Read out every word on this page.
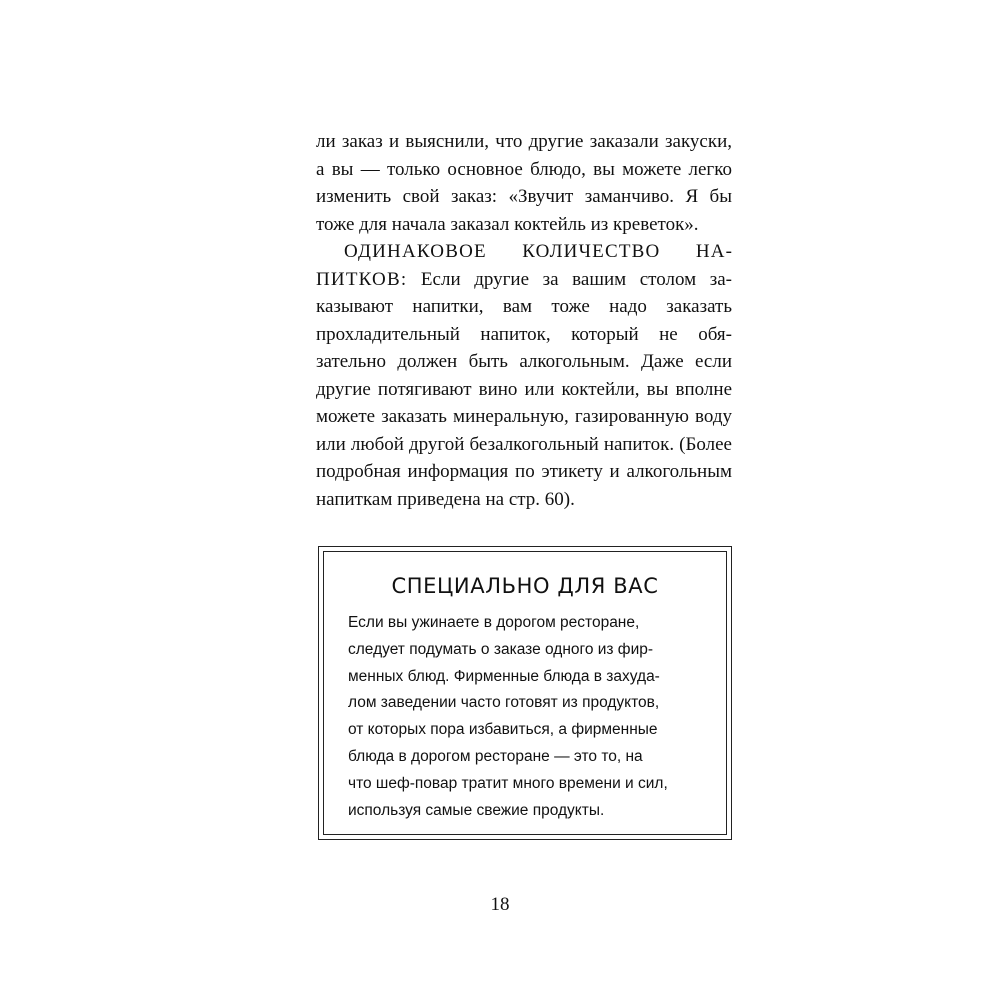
ли заказ и выяснили, что другие заказали закуски, а вы — только основное блюдо, вы можете легко изменить свой заказ: «Звучит заманчиво. Я бы тоже для начала заказал коктейль из креветок».

ОДИНАКОВОЕ КОЛИЧЕСТВО НАПИТКОВ: Если другие за вашим столом заказывают напитки, вам тоже надо заказать прохладительный напиток, который не обязательно должен быть алкогольным. Даже если другие потягивают вино или коктейли, вы вполне можете заказать минеральную, газированную воду или любой другой безалкогольный напиток. (Более подробная информация по этикету и алкогольным напиткам приведена на стр. 60).

СПЕЦИАЛЬНО ДЛЯ ВАС
Если вы ужинаете в дорогом ресторане,
следует подумать о заказе одного из фир-
менных блюд. Фирменные блюда в захуда-
лом заведении часто готовят из продуктов,
от которых пора избавиться, а фирменные
блюда в дорогом ресторане — это то, на
что шеф-повар тратит много времени и сил,
используя самые свежие продукты.
18
